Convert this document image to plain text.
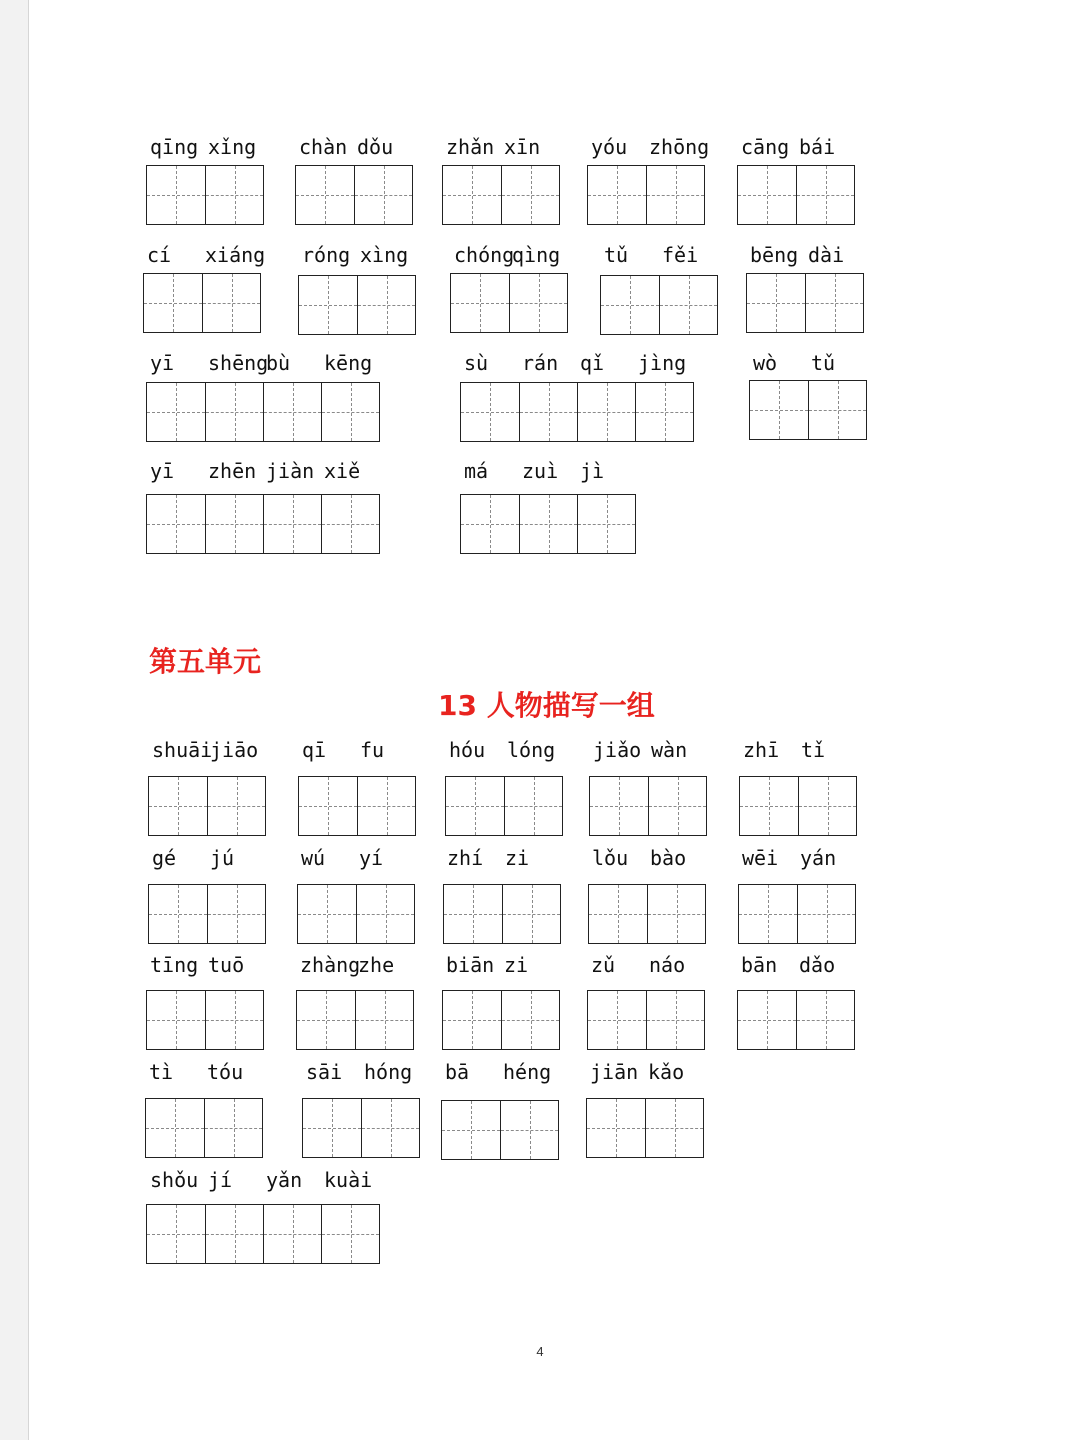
qīng xǐng chàn dǒu	zhǎn xīn	yóu zhōng cāng bái
cí xiáng róng xìng chóng
qìng tǔ fěi	bēng dài
yī shēng
bù kēng	sù rán qǐ jìng	wò tǔ
yī zhēn jiàn xiě	má zuì jì
shuāi
jiāo qī fu	hóu lóng jiǎo wàn	zhī tǐ
gé jú	wú yí	zhí zi	lǒu bào	wēi yán
tīng tuō	zhàng
zhe	biān zi	zǔ náo	bān dǎo
tì tóu	sāi hóng bā héng jiān kǎo
shǒu jí yǎn kuài
第五单元
13 人物描写一组
4
